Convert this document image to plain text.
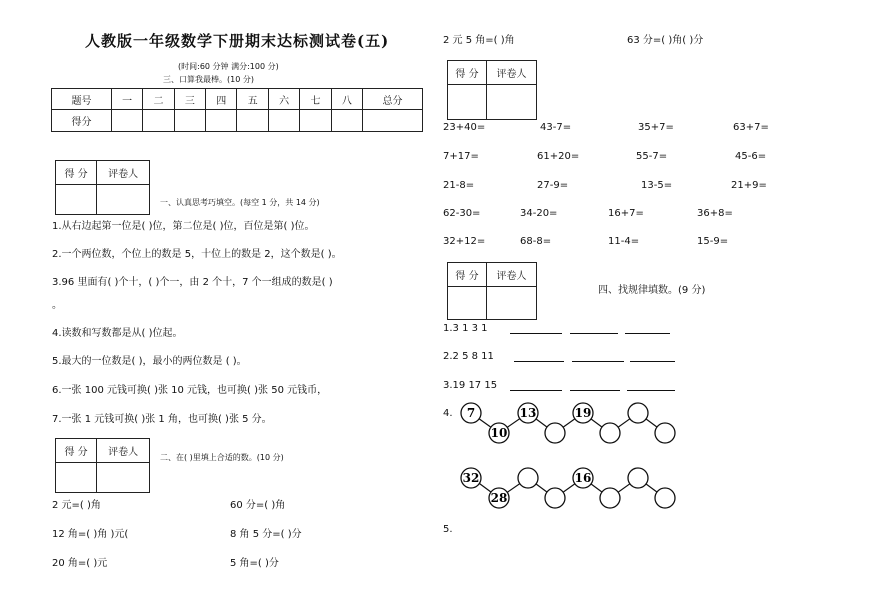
人教版一年级数学下册期末达标测试卷(五)
(时间:60 分钟 满分:100 分)
三、口算我最棒。(10 分)
题号	一	二	三	四	五	六	七	八	总分
得分									
得 分	评卷人

一、认真思考巧填空。(每空 1 分，共 14 分)
1.从右边起第一位是( )位，第二位是( )位，百位是第( )位。
2.一个两位数，个位上的数是 5，十位上的数是 2，这个数是( )。
3.96 里面有( )个十，( )个一，由 2 个十，7 个一组成的数是( )
。
4.读数和写数都是从( )位起。
5.最大的一位数是( )，最小的两位数是 ( )。
6.一张 100 元钱可换( )张 10 元钱，也可换( )张 50 元钱币，
7.一张 1 元钱可换( )张 1 角，也可换( )张 5 分。
得 分	评卷人
		二、在( )里填上合适的数。(10 分)
2 元=( )角	60 分=( )角
12 角=( )角 )元(	8 角 5 分=( )分
20 角=( )元	5 角=( )分
2 元 5 角=( )角	63 分=( )角( )分
得 分	评卷人

23+40=	43-7=	35+7=	63+7=
7+17=	61+20=	55-7=	45-6=
21-8=	27-9=	13-5=	21+9=
62-30=	34-20=	16+7=	36+8=
32+12=	68-8=	11-4=	15-9=
得 分	评卷人

四、找规律填数。(9 分)
1.3 1 3 1
2.2 5 8 11
3.19 17 15
4.
5.
7
10
13	19
32
28
16
